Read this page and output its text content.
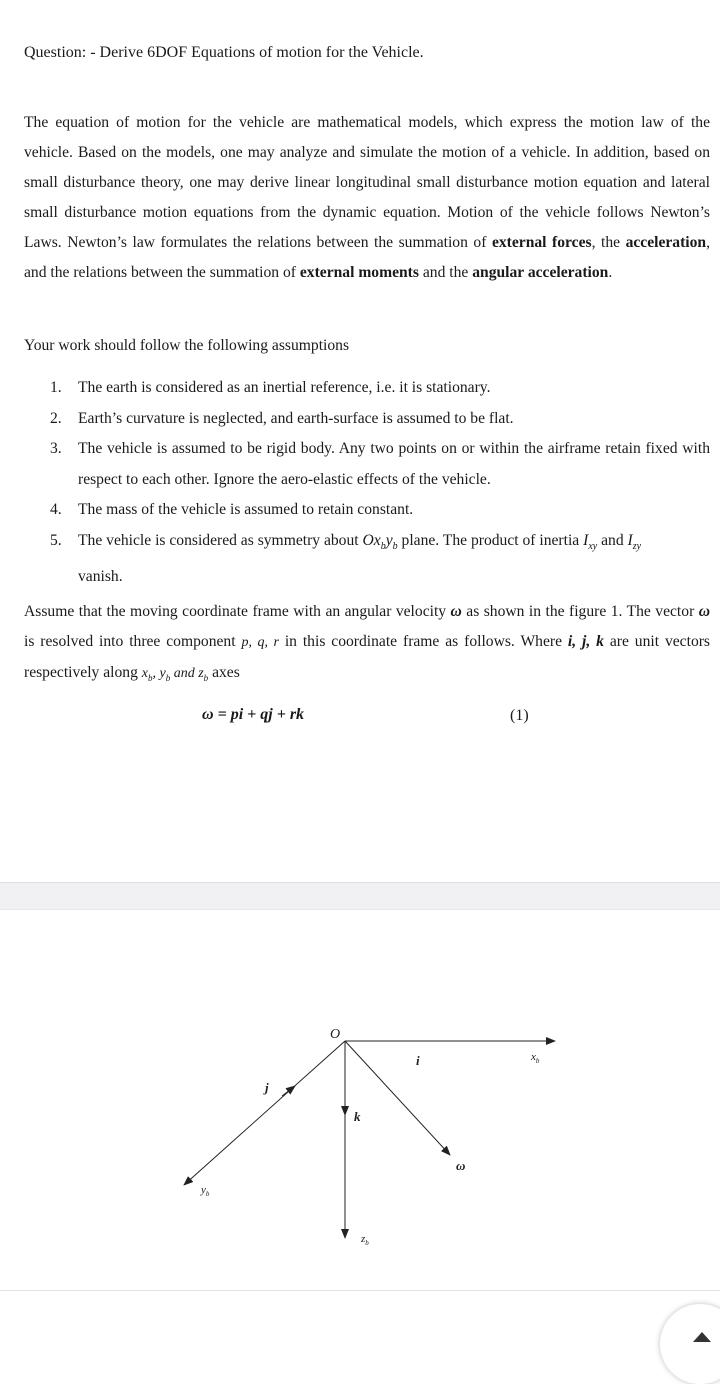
Question: - Derive 6DOF Equations of motion for the Vehicle.
The equation of motion for the vehicle are mathematical models, which express the motion law of the vehicle. Based on the models, one may analyze and simulate the motion of a vehicle. In addition, based on small disturbance theory, one may derive linear longitudinal small disturbance motion equation and lateral small disturbance motion equations from the dynamic equation. Motion of the vehicle follows Newton’s Laws. Newton’s law formulates the relations between the summation of external forces, the acceleration, and the relations between the summation of external moments and the angular acceleration.
Your work should follow the following assumptions
1. The earth is considered as an inertial reference, i.e. it is stationary.
2. Earth’s curvature is neglected, and earth-surface is assumed to be flat.
3. The vehicle is assumed to be rigid body. Any two points on or within the airframe retain fixed with respect to each other. Ignore the aero-elastic effects of the vehicle.
4. The mass of the vehicle is assumed to retain constant.
5. The vehicle is considered as symmetry about $Ox_by_b$ plane. The product of inertia $I_{xy}$ and $I_{zy}$
vanish.
Assume that the moving coordinate frame with an angular velocity ω as shown in the figure 1. The vector ω is resolved into three component p, q, r in this coordinate frame as follows. Where i, j, k are unit vectors respectively along $x_b$, $y_b$ and $z_b$ axes
ω = pi + qj + rk	(1)
O
i
j
k
ω
$x_b$
$y_b$
$z_b$
